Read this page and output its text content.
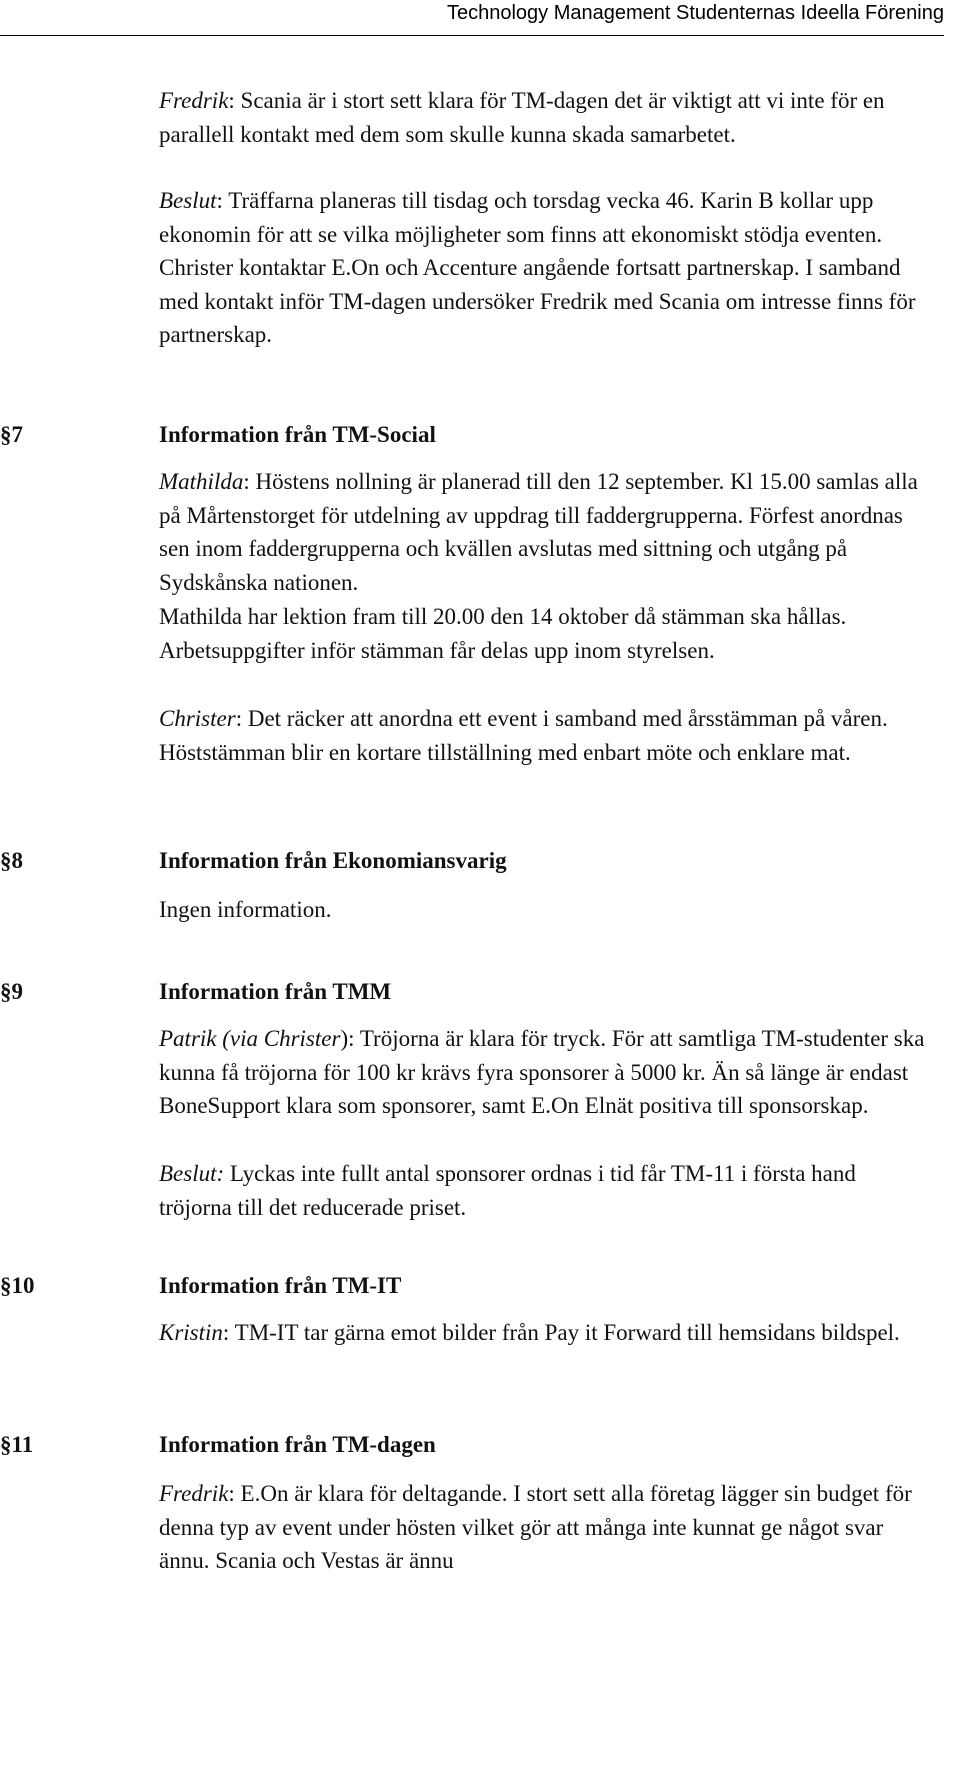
Technology Management Studenternas Ideella Förening

Fredrik: Scania är i stort sett klara för TM-dagen det är viktigt att vi inte för en parallell kontakt med dem som skulle kunna skada samarbetet.

Beslut: Träffarna planeras till tisdag och torsdag vecka 46. Karin B kollar upp ekonomin för att se vilka möjligheter som finns att ekonomiskt stödja eventen. Christer kontaktar E.On och Accenture angående fortsatt partnerskap. I samband med kontakt inför TM-dagen undersöker Fredrik med Scania om intresse finns för partnerskap.

§7	Information från TM-Social

Mathilda: Höstens nollning är planerad till den 12 september. Kl 15.00 samlas alla på Mårtenstorget för utdelning av uppdrag till faddergrupperna. Förfest anordnas sen inom faddergrupperna och kvällen avslutas med sittning och utgång på Sydskånska nationen.

Mathilda har lektion fram till 20.00 den 14 oktober då stämman ska hållas. Arbetsuppgifter inför stämman får delas upp inom styrelsen.

Christer: Det räcker att anordna ett event i samband med årsstämman på våren. Höststämman blir en kortare tillställning med enbart möte och enklare mat.

§8	Information från Ekonomiansvarig

Ingen information.

§9	Information från TMM

Patrik (via Christer): Tröjorna är klara för tryck. För att samtliga TM-studenter ska kunna få tröjorna för 100 kr krävs fyra sponsorer à 5000 kr. Än så länge är endast BoneSupport klara som sponsorer, samt E.On Elnät positiva till sponsorskap.

Beslut: Lyckas inte fullt antal sponsorer ordnas i tid får TM-11 i första hand tröjorna till det reducerade priset.

§10	Information från TM-IT

Kristin: TM-IT tar gärna emot bilder från Pay it Forward till hemsidans bildspel.

§11	Information från TM-dagen

Fredrik: E.On är klara för deltagande. I stort sett alla företag lägger sin budget för denna typ av event under hösten vilket gör att många inte kunnat ge något svar ännu. Scania och Vestas är ännu
